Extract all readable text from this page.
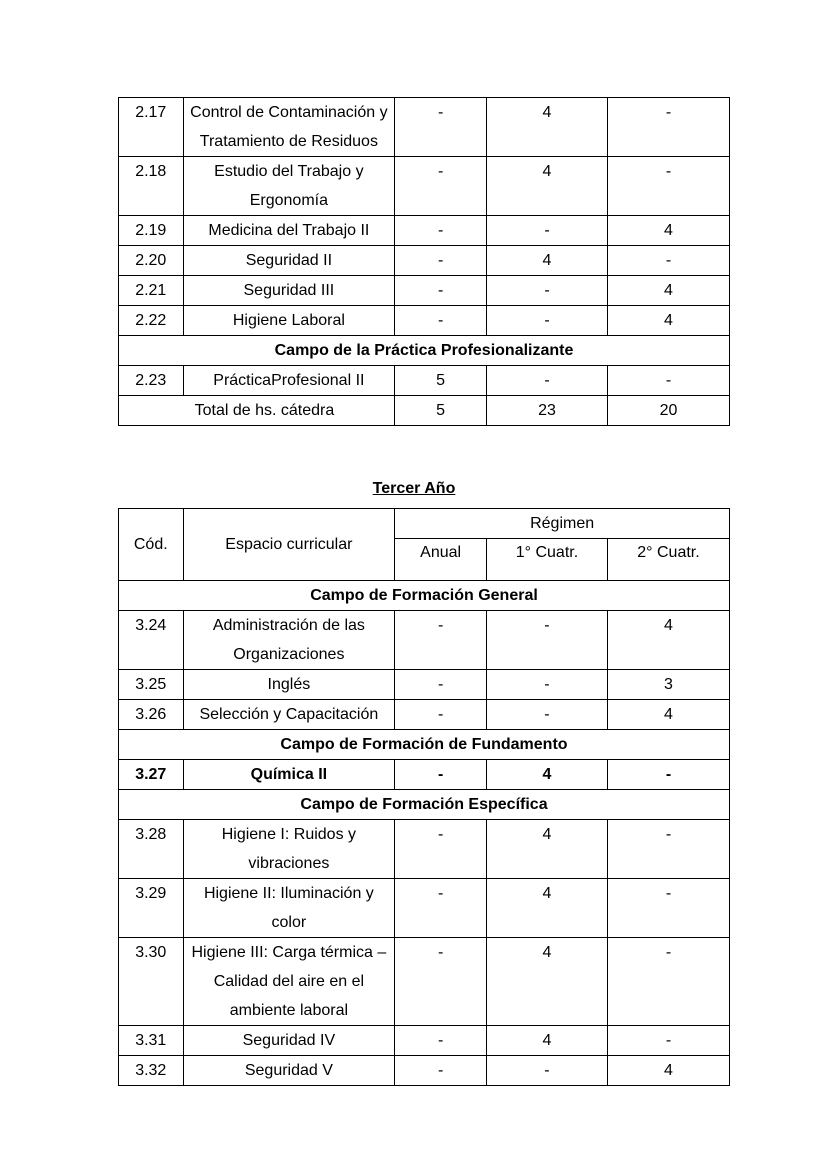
2.17	Control de Contaminación y Tratamiento de Residuos	-	4	-
2.18	Estudio del Trabajo y Ergonomía	-	4	-
2.19	Medicina del Trabajo II	-	-	4
2.20	Seguridad II	-	4	-
2.21	Seguridad III	-	-	4
2.22	Higiene Laboral	-	-	4
Campo de la Práctica Profesionalizante				
2.23	PrácticaProfesional II	5	-	-
Total de hs. cátedra		5	23	20
Tercer Año
Cód.	Espacio curricular	Régimen		
		Anual	1° Cuatr.	2° Cuatr.
Campo de Formación General				
3.24	Administración de las Organizaciones	-	-	4
3.25	Inglés	-	-	3
3.26	Selección y Capacitación	-	-	4
Campo de Formación de Fundamento				
3.27	Química II	-	4	-
Campo de Formación Específica				
3.28	Higiene I: Ruidos y vibraciones	-	4	-
3.29	Higiene II: Iluminación y color	-	4	-
3.30	Higiene III: Carga térmica – Calidad del aire en el ambiente laboral	-	4	-
3.31	Seguridad IV	-	4	-
3.32	Seguridad V	-	-	4
